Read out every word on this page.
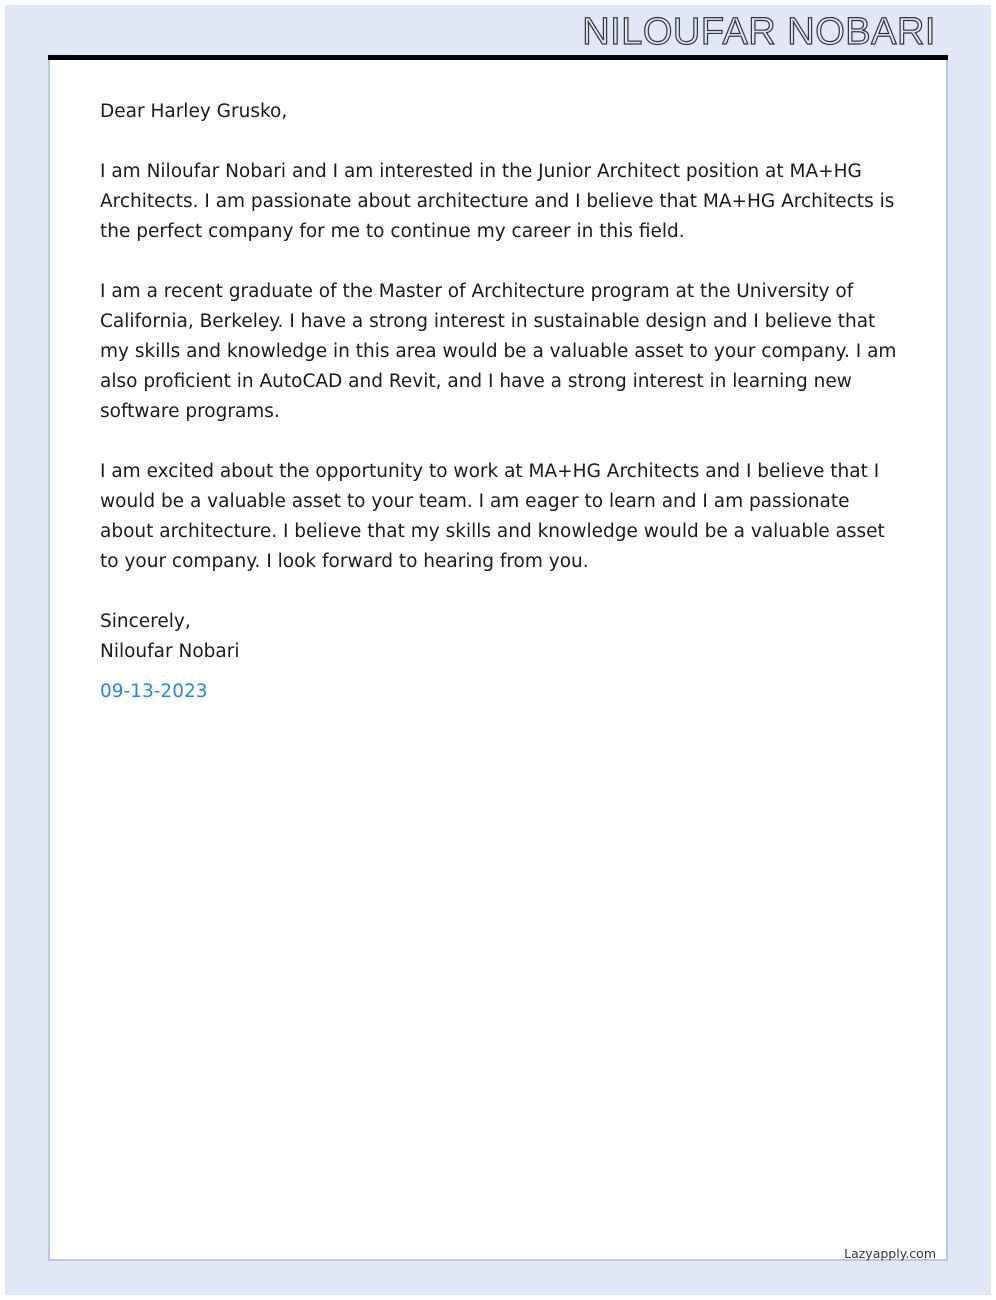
NILOUFAR NOBARI

Dear Harley Grusko,

I am Niloufar Nobari and I am interested in the Junior Architect position at MA+HG Architects. I am passionate about architecture and I believe that MA+HG Architects is the perfect company for me to continue my career in this field.

I am a recent graduate of the Master of Architecture program at the University of California, Berkeley. I have a strong interest in sustainable design and I believe that my skills and knowledge in this area would be a valuable asset to your company. I am also proficient in AutoCAD and Revit, and I have a strong interest in learning new software programs.

I am excited about the opportunity to work at MA+HG Architects and I believe that I would be a valuable asset to your team. I am eager to learn and I am passionate about architecture. I believe that my skills and knowledge would be a valuable asset to your company. I look forward to hearing from you.

Sincerely,
Niloufar Nobari
09-13-2023
Lazyapply.com
